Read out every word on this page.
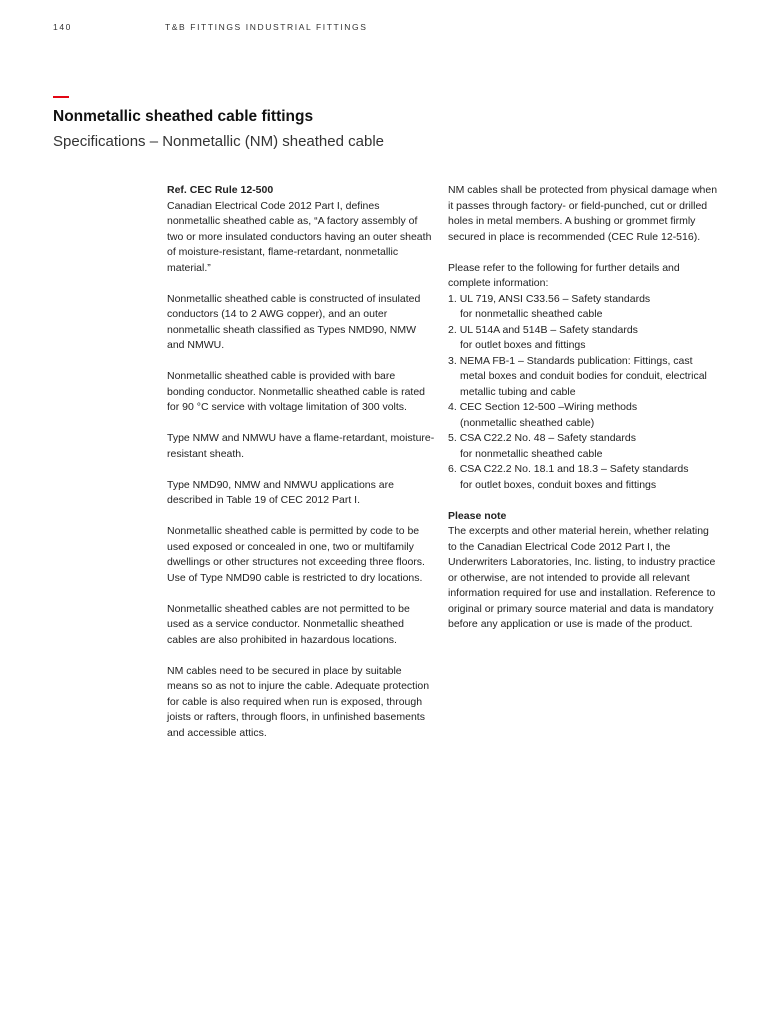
140	T&B FITTINGS INDUSTRIAL FITTINGS
Nonmetallic sheathed cable fittings
Specifications – Nonmetallic (NM) sheathed cable
Ref. CEC Rule 12-500

Canadian Electrical Code 2012 Part I, defines nonmetallic sheathed cable as, “A factory assembly of two or more insulated conductors having an outer sheath of moisture-resistant, flame-retardant, nonmetallic material.”

Nonmetallic sheathed cable is constructed of insulated conductors (14 to 2 AWG copper), and an outer nonmetallic sheath classified as Types NMD90, NMW and NMWU.

Nonmetallic sheathed cable is provided with bare bonding conductor. Nonmetallic sheathed cable is rated for 90 °C service with voltage limitation of 300 volts.

Type NMW and NMWU have a flame-retardant, moisture-resistant sheath.

Type NMD90, NMW and NMWU applications are described in Table 19 of CEC 2012 Part I.

Nonmetallic sheathed cable is permitted by code to be used exposed or concealed in one, two or multifamily dwellings or other structures not exceeding three floors. Use of Type NMD90 cable is restricted to dry locations.

Nonmetallic sheathed cables are not permitted to be used as a service conductor. Nonmetallic sheathed cables are also prohibited in hazardous locations.

NM cables need to be secured in place by suitable means so as not to injure the cable. Adequate protection for cable is also required when run is exposed, through joists or rafters, through floors, in unfinished basements and accessible attics.

NM cables shall be protected from physical damage when it passes through factory- or field-punched, cut or drilled holes in metal members. A bushing or grommet firmly secured in place is recommended (CEC Rule 12-516).

Please refer to the following for further details and complete information:
1. UL 719, ANSI C33.56 – Safety standards
for nonmetallic sheathed cable
2. UL 514A and 514B – Safety standards
for outlet boxes and fittings
3. NEMA FB-1 – Standards publication: Fittings, cast
metal boxes and conduit bodies for conduit, electrical metallic tubing and cable
4. CEC Section 12-500 –Wiring methods
(nonmetallic sheathed cable)
5. CSA C22.2 No. 48 – Safety standards
for nonmetallic sheathed cable
6. CSA C22.2 No. 18.1 and 18.3 – Safety standards
for outlet boxes, conduit boxes and fittings
Please note

The excerpts and other material herein, whether relating to the Canadian Electrical Code 2012 Part I, the Underwriters Laboratories, Inc. listing, to industry practice or otherwise, are not intended to provide all relevant information required for use and installation. Reference to original or primary source material and data is mandatory before any application or use is made of the product.
